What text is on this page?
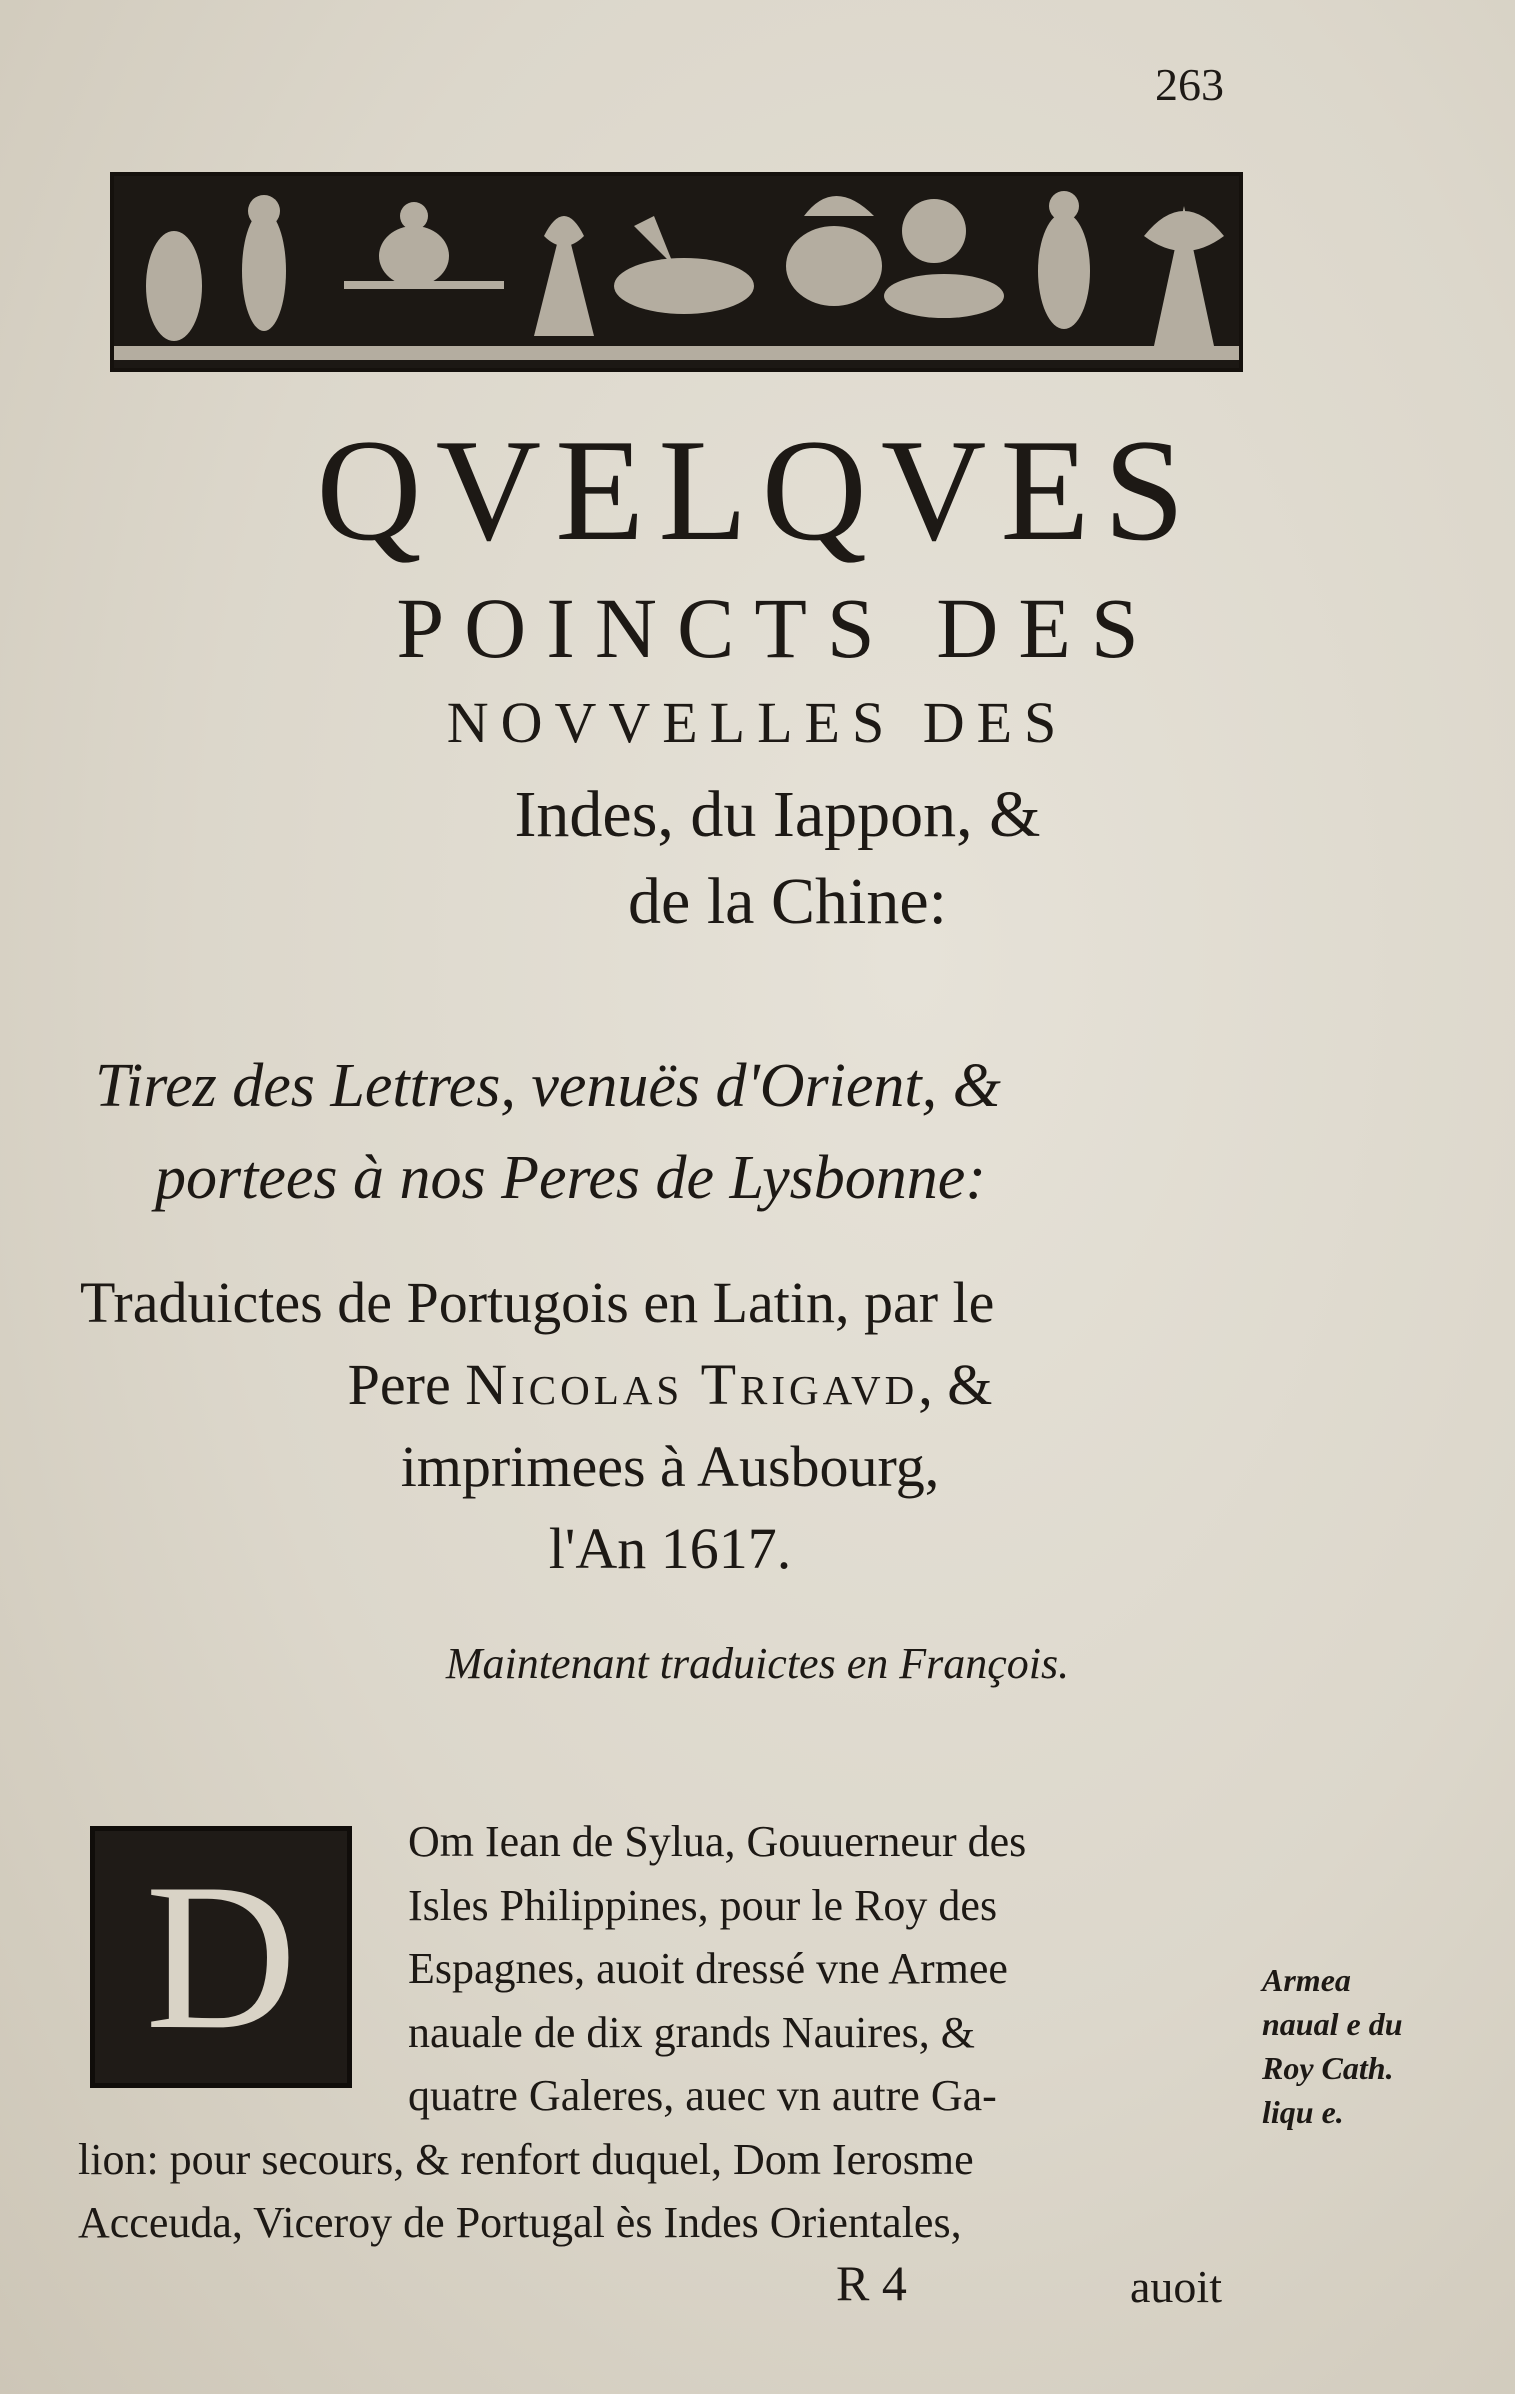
263
QVELQVES
POINCTS DES
NOVVELLES DES
Indes, du Iappon, &
de la Chine:
Tirez des Lettres, venuës d'Orient, &
portees à nos Peres de Lysbonne:
Traduictes de Portugois en Latin, par le
Pere Nicolas Trigavd, &
imprimees à Ausbourg,
l'An 1617.
Maintenant traduictes en François.
D	Om Iean de Sylua, Gouuerneur des
Isles Philippines, pour le Roy des
Espagnes, auoit dressé vne Armee
naualе de dix grands Nauires, &
quatre Galeres, auec vn autre Ga-
lion: pour secours, & renfort duquel, Dom Ierosme
Acceuda, Viceroy de Portugal ès Indes Orientales,
Armea naual e du Roy Cath. liqu e.
R 4	auoit
